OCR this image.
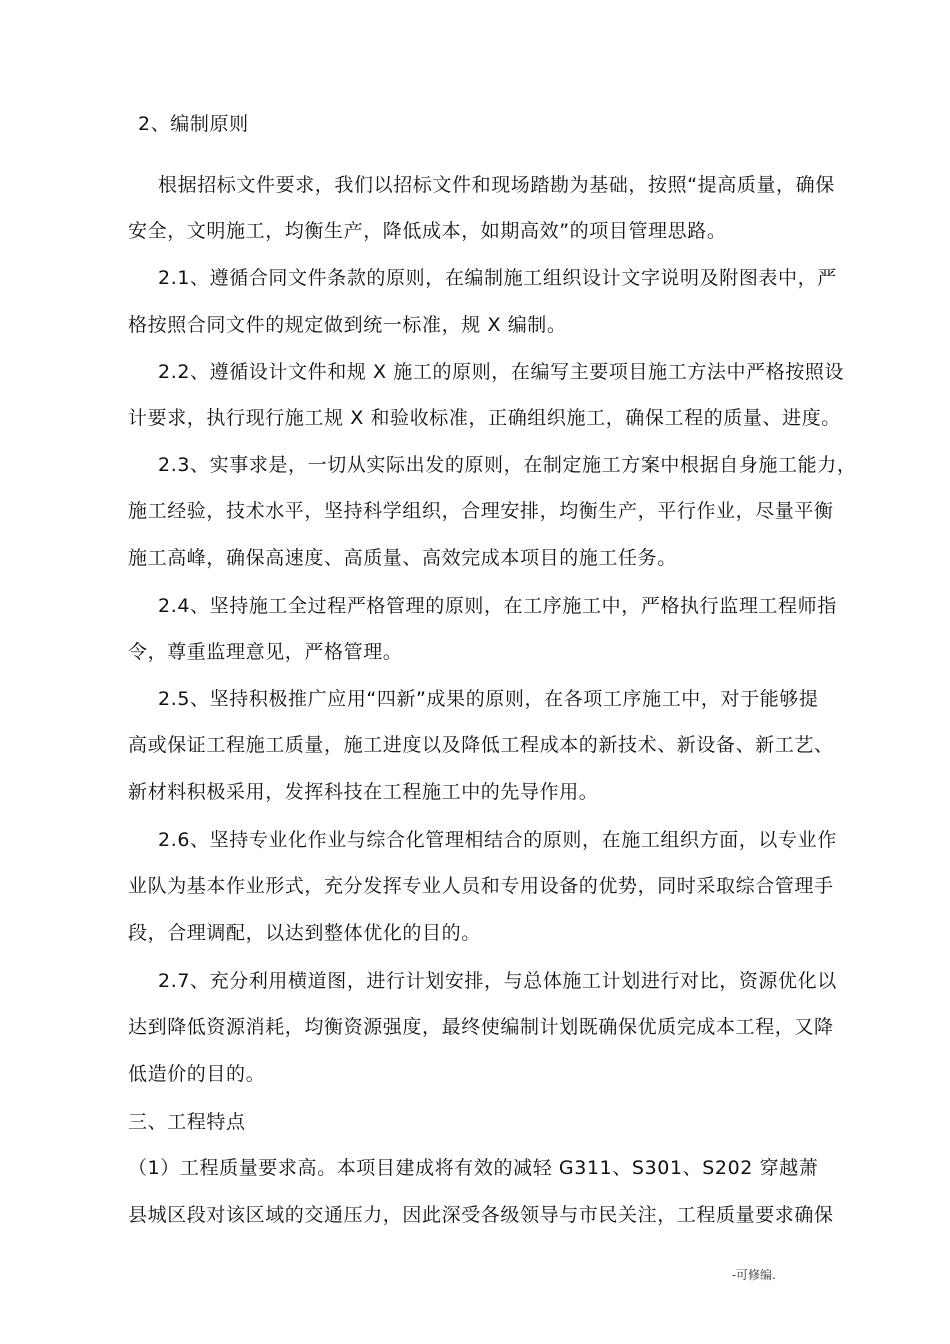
2、编制原则
根据招标文件要求，我们以招标文件和现场踏勘为基础，按照“提高质量，确保
安全，文明施工，均衡生产，降低成本，如期高效”的项目管理思路。
2.1、遵循合同文件条款的原则，在编制施工组织设计文字说明及附图表中，严
格按照合同文件的规定做到统一标准，规 X 编制。
2.2、遵循设计文件和规 X 施工的原则，在编写主要项目施工方法中严格按照设
计要求，执行现行施工规 X 和验收标准，正确组织施工，确保工程的质量、进度。
2.3、实事求是，一切从实际出发的原则，在制定施工方案中根据自身施工能力，
施工经验，技术水平，坚持科学组织，合理安排，均衡生产，平行作业，尽量平衡
施工高峰，确保高速度、高质量、高效完成本项目的施工任务。
2.4、坚持施工全过程严格管理的原则，在工序施工中，严格执行监理工程师指
令，尊重监理意见，严格管理。
2.5、坚持积极推广应用“四新”成果的原则，在各项工序施工中，对于能够提
高或保证工程施工质量，施工进度以及降低工程成本的新技术、新设备、新工艺、
新材料积极采用，发挥科技在工程施工中的先导作用。
2.6、坚持专业化作业与综合化管理相结合的原则，在施工组织方面，以专业作
业队为基本作业形式，充分发挥专业人员和专用设备的优势，同时采取综合管理手
段，合理调配，以达到整体优化的目的。
2.7、充分利用横道图，进行计划安排，与总体施工计划进行对比，资源优化以
达到降低资源消耗，均衡资源强度，最终使编制计划既确保优质完成本工程，又降
低造价的目的。
三、工程特点
（1）工程质量要求高。本项目建成将有效的减轻 G311、S301、S202 穿越萧
县城区段对该区域的交通压力，因此深受各级领导与市民关注，工程质量要求确保
-可修编.
